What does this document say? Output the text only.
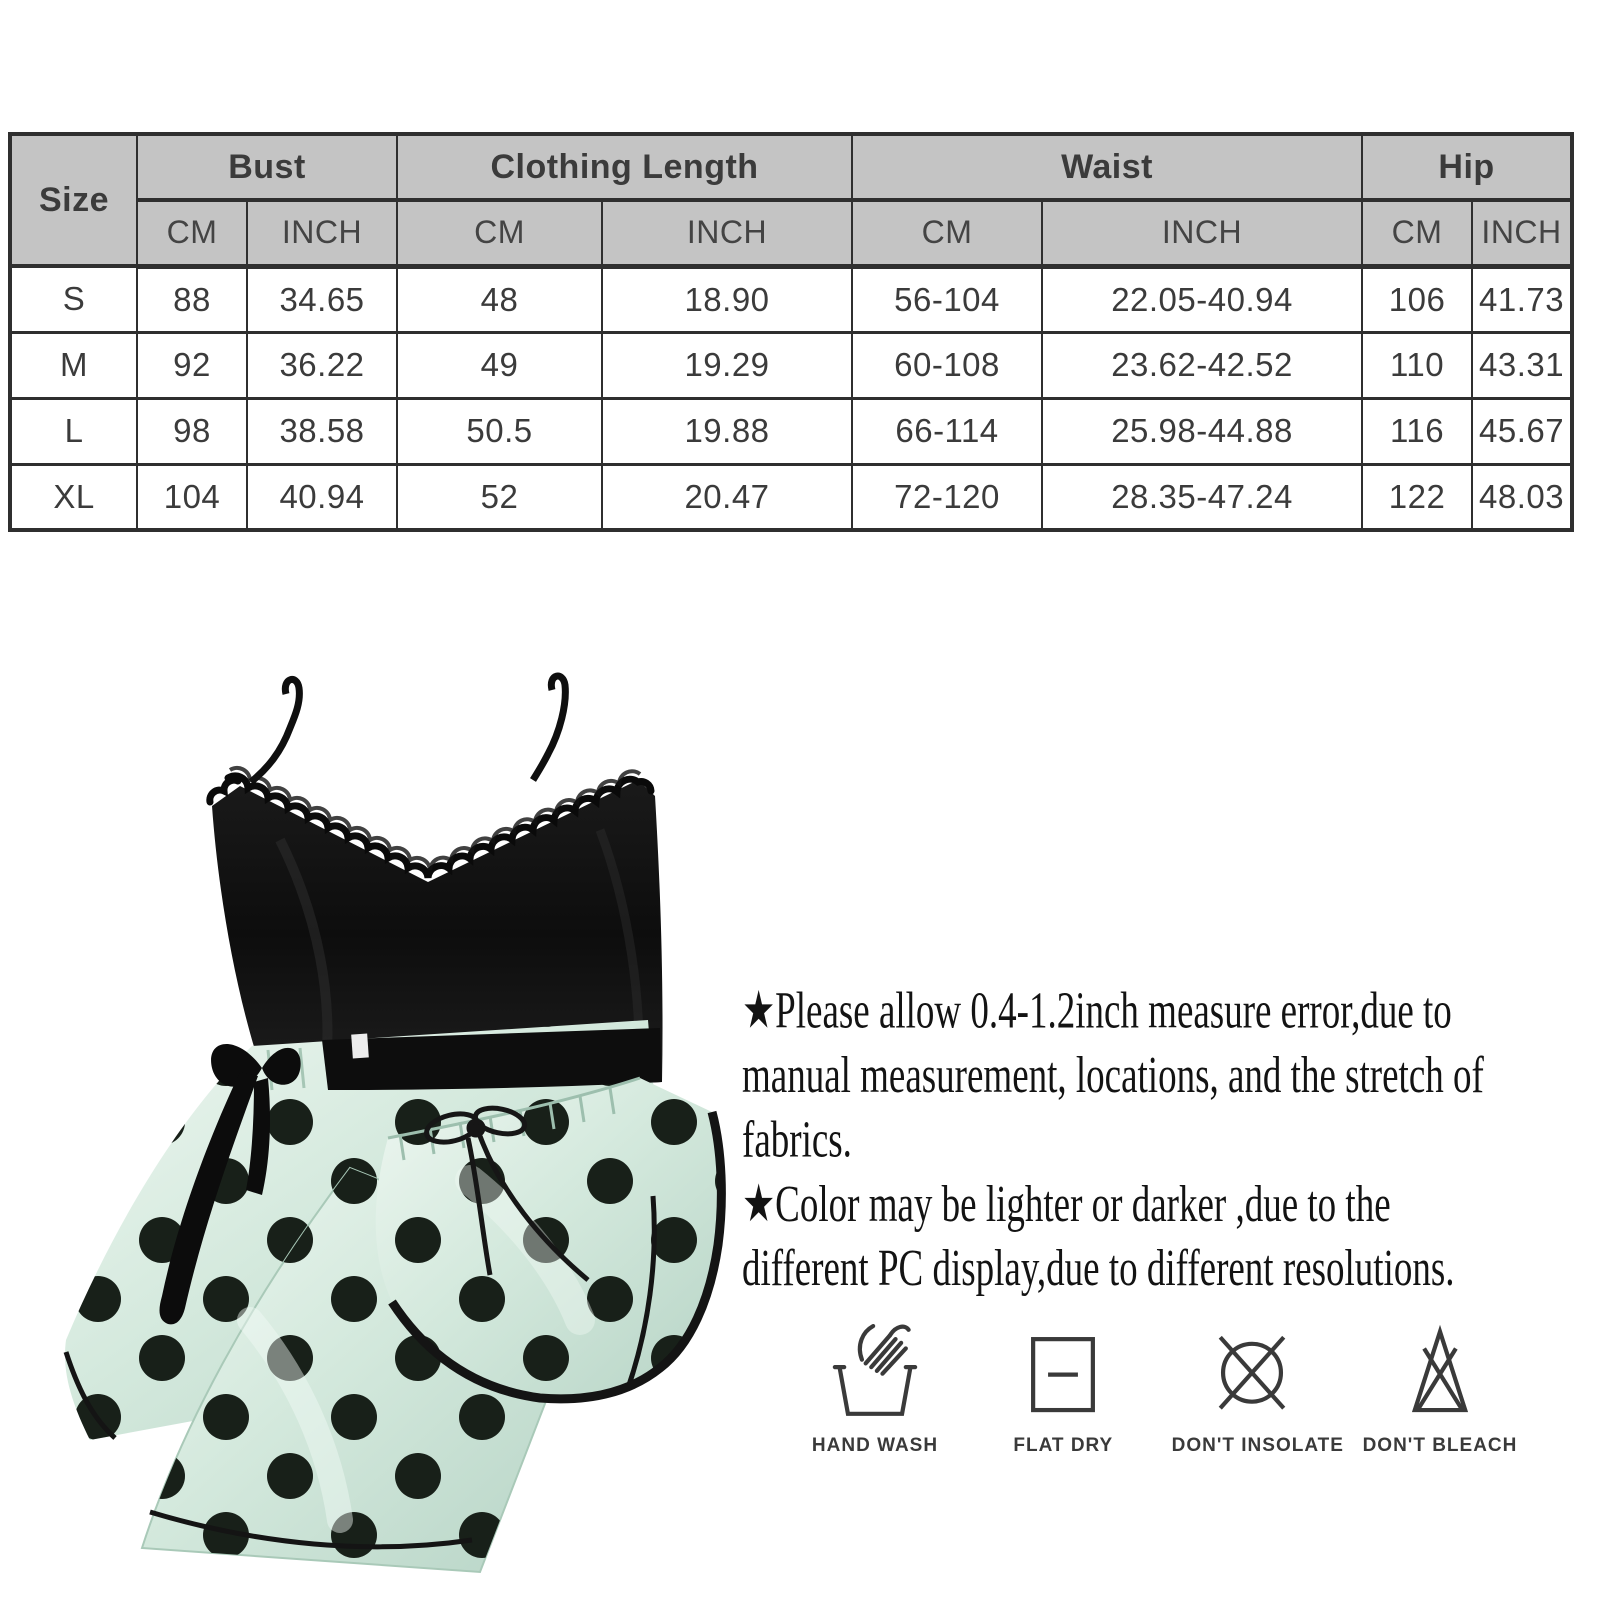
Size	Bust		Clothing Length		Waist		Hip	
	CM	INCH	CM	INCH	CM	INCH	CM	INCH
S	88	34.65	48	18.90	56-104	22.05-40.94	106	41.73
M	92	36.22	49	19.29	60-108	23.62-42.52	110	43.31
L	98	38.58	50.5	19.88	66-114	25.98-44.88	116	45.67
XL	104	40.94	52	20.47	72-120	28.35-47.24	122	48.03
★Please allow 0.4-1.2inch measure error,due to
manual measurement, locations, and the stretch of
fabrics.
★Color may be lighter or darker ,due to the
different PC display,due to different resolutions.
HAND WASH	FLAT DRY	DON'T INSOLATE DON'T BLEACH
